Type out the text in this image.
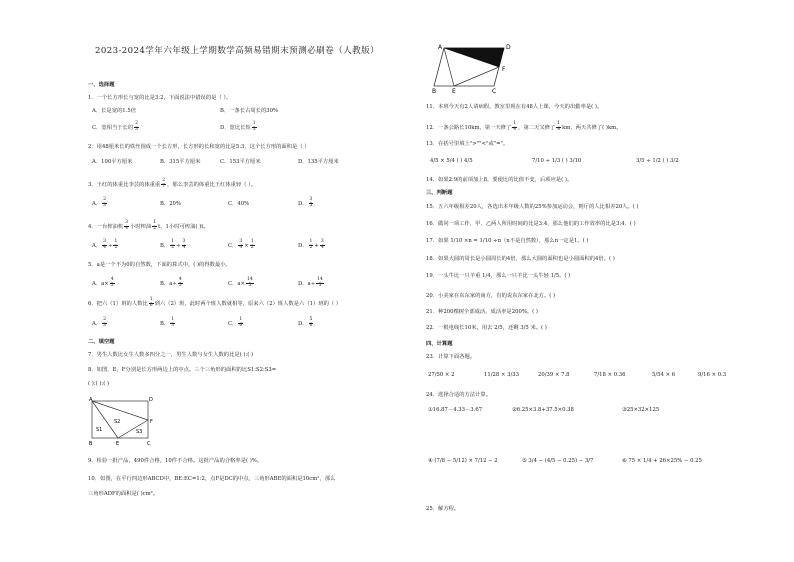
2023-2024学年六年级上学期数学高频易错期末预测必刷卷（人教版）
一、选择题
1．一个长方形长与宽的比是3:2，下面说法中错误的是（ ）。
A．长是宽的1.5倍	B．一条长占周长的30%
C．宽相当于长的 $\frac{2}{3}$	D．宽比长短 $\frac{1}{3}$
2．用48厘米长的铁丝围成一个长方形，长方形的长和宽的比是5:3，这个长方形的面积是（ ）
A．100平方厘米	B．315平方厘米	C．153平方厘米	D．135平方厘米
3．王红的体重比李芸的体重重 $\frac{2}{7}$ ，那么李芸的体重比王红体重轻（ ）。
A． $\frac{2}{3}$	B．20%	C．40%	D． $\frac{3}{5}$
4．一台榨油机 $\frac{3}{4}$ 小时榨油 $\frac{1}{2}$ t，1小时可榨油( )t。
A． $\frac{3}{4} \div \frac{1}{2}$	B． $\frac{1}{2} \div \frac{3}{4}$	C． $\frac{3}{4} \times \frac{1}{2}$	D． $\frac{1}{2} + \frac{3}{4}$
5．a是一个不为0的自然数，下面的算式中，( )的得数最小。
A．$a\times \frac{4}{5}$	B．$a\div \frac{4}{5}$	C．$a\times \frac{14}{5}$	D．$a\div \frac{14}{5}$
6．把六（1）班的人数比 $\frac{1}{6}$ 到六（2）班，此时两个班人数就相等，原来六（2）班人数是六（1）班的（ ）
A． $\frac{2}{3}$	B． $\frac{1}{3}$	C． $\frac{1}{6}$	D． $\frac{5}{6}$
二、填空题
7．男生人数比女生人数多四分之一，男生人数与女生人数的比是( ):( )
8．如图，E，F分别是长方形两边上的中点。三个三角形的面积的比S1:S2:S3=
( ):( ):( )
9．检验一批产品，490件合格，10件不合格。这批产品的合格率是( )%。
10．如图，在平行四边形ABCD中，BE:EC=1:2，点F是DC的中点，三角形ABE的面积是10cm²，那么
三角形ADF的面积是( )cm²。
A	D
F
B	E	C
S1
S2
S3
A	D
F
B	E	C
11．本班今天有2人请病假，教室里现在有48人上课，今天的出勤率是( )。
12．一条公路长10km，第一天修了 $\frac{1}{4}$ ，第二天又修了 $\frac{1}{4}$ km，两天共修了( )km。
13．在括号里填上">""<"或"="。
4/5 × 5/4 ( ) 4/5	7/10 ÷ 1/3 ( ) 3/10	3/5 ÷ 1/2 ( ) 3/2
14．如果2:9的前项加上8，要使比的比值不变，后项应是( )。
三、判断题
15．五六年级相差20人，各选出本年级人数的25%参加运动会，则厅的人比相差20人。( )
16．做同一项工作，甲、乙两人所用时间的比是3:4，那么他们的工作效率的比是3:4．( )
17．如果 1/10 ×n = 1/10 ÷n（n不是自然数），那么n一定是1。( )
18．如果大圆的周长是小圆周长的4倍，那么大圆的面积也是小圆面积的4倍。( )
19．一头牛比一只羊重 1/4，那么一只羊比一头牛轻 1/5。( )
20．小美家在东东家的南方，有的说东东家在北方。( )
21．种200棵树全部成活，成活率是200%。( )
22．一根电线长10米，用去 2/5，还剩 3/5 米。( )
四、计算题
23．计算下面各题。
27/50 × 2	11/28 × 3/33	20/39 × 7.8	7/18 × 0.36	5/54 × 6	9/16 × 0.3
24．选择合适的方法计算。
①16.87－4.33－3.67	②6.25×3.8+37.5×0.38	③25×32×125
④ (7/8 − 5/12) × 7/12 − 2	⑤ 3/4 − (4/5 − 0.25) − 3/7	⑥ 75 × 1/4 + 26×25% − 0.25
25．解方程。
